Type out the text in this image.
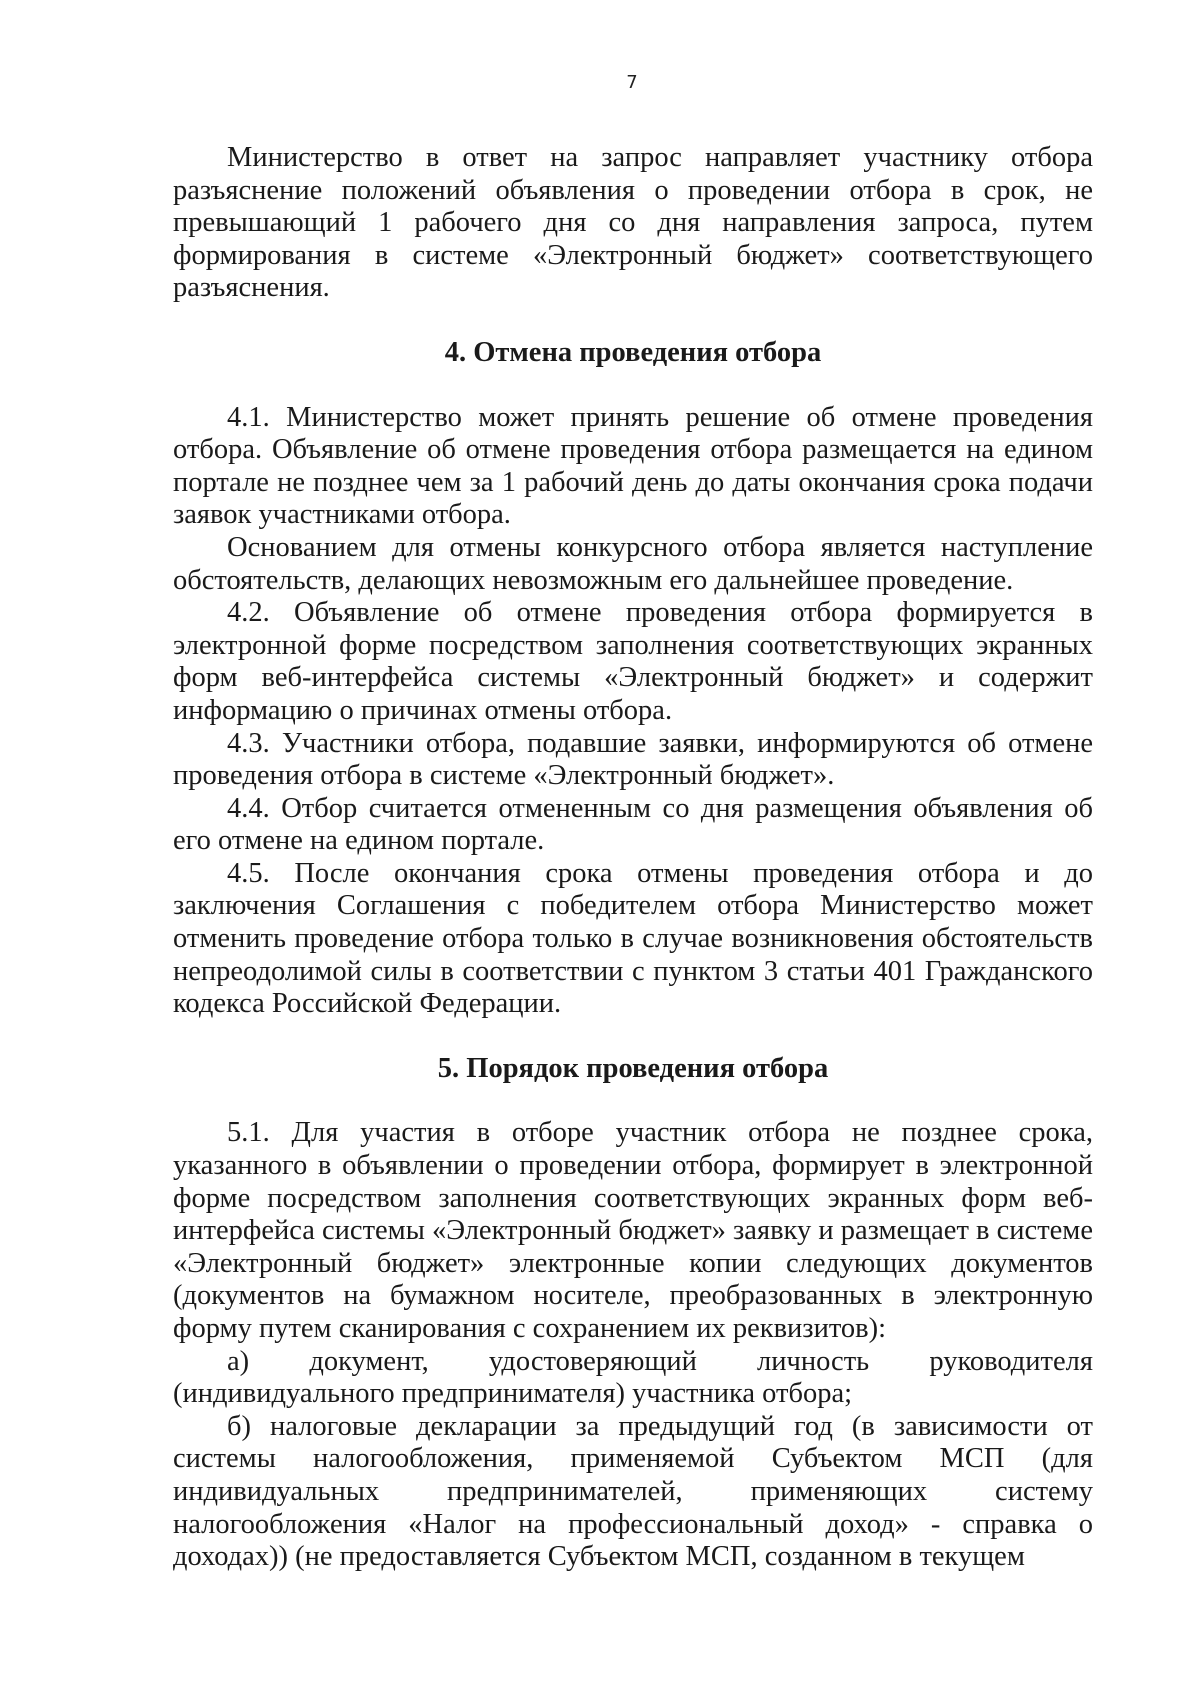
7

Министерство в ответ на запрос направляет участнику отбора разъяснение положений объявления о проведении отбора в срок, не превышающий 1 рабочего дня со дня направления запроса, путем формирования в системе «Электронный бюджет» соответствующего разъяснения.

4. Отмена проведения отбора

4.1. Министерство может принять решение об отмене проведения отбора. Объявление об отмене проведения отбора размещается на едином портале не позднее чем за 1 рабочий день до даты окончания срока подачи заявок участниками отбора.

Основанием для отмены конкурсного отбора является наступление обстоятельств, делающих невозможным его дальнейшее проведение.

4.2. Объявление об отмене проведения отбора формируется в электронной форме посредством заполнения соответствующих экранных форм веб-интерфейса системы «Электронный бюджет» и содержит информацию о причинах отмены отбора.

4.3. Участники отбора, подавшие заявки, информируются об отмене проведения отбора в системе «Электронный бюджет».

4.4. Отбор считается отмененным со дня размещения объявления об его отмене на едином портале.

4.5. После окончания срока отмены проведения отбора и до заключения Соглашения с победителем отбора Министерство может отменить проведение отбора только в случае возникновения обстоятельств непреодолимой силы в соответствии с пунктом 3 статьи 401 Гражданского кодекса Российской Федерации.

5. Порядок проведения отбора

5.1. Для участия в отборе участник отбора не позднее срока, указанного в объявлении о проведении отбора, формирует в электронной форме посредством заполнения соответствующих экранных форм веб-интерфейса системы «Электронный бюджет» заявку и размещает в системе «Электронный бюджет» электронные копии следующих документов (документов на бумажном носителе, преобразованных в электронную форму путем сканирования с сохранением их реквизитов):

а) документ, удостоверяющий личность руководителя (индивидуального предпринимателя) участника отбора;

б) налоговые декларации за предыдущий год (в зависимости от системы налогообложения, применяемой Субъектом МСП (для индивидуальных предпринимателей, применяющих систему налогообложения «Налог на профессиональный доход» - справка о доходах)) (не предоставляется Субъектом МСП, созданном в текущем
